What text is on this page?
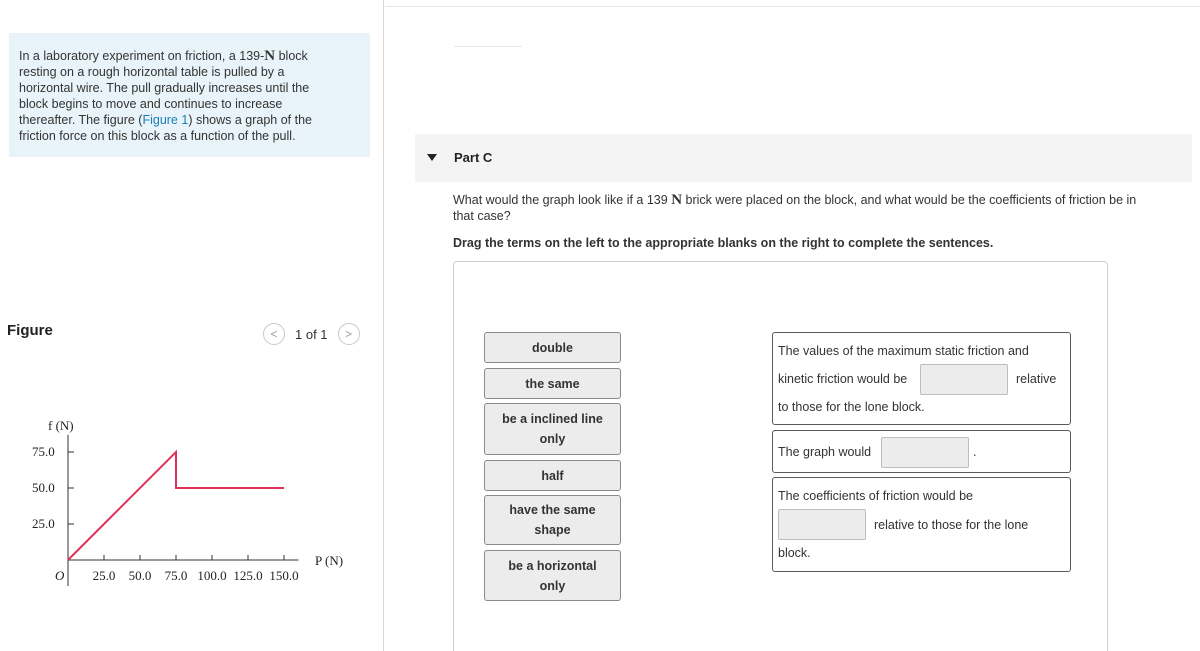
In a laboratory experiment on friction, a 139-N block
resting on a rough horizontal table is pulled by a
horizontal wire. The pull gradually increases until the
block begins to move and continues to increase
thereafter. The figure (Figure 1) shows a graph of the
friction force on this block as a function of the pull.
Figure	<	1 of 1	>
f (N)
P (N)
O
75.0
50.0
25.0
25.0 50.0 75.0 100.0 125.0 150.0
Part C
What would the graph look like if a 139 N brick were placed on the block, and what would be the coefficients of friction be in
that case?
Drag the terms on the left to the appropriate blanks on the right to complete the sentences.
double
the same
be a inclined line
only
half
have the same
shape
be a horizontal
only
The values of the maximum static friction and
kinetic friction would be	relative
to those for the lone block.
The graph would	.
The coefficients of friction would be
relative to those for the lone
block.
